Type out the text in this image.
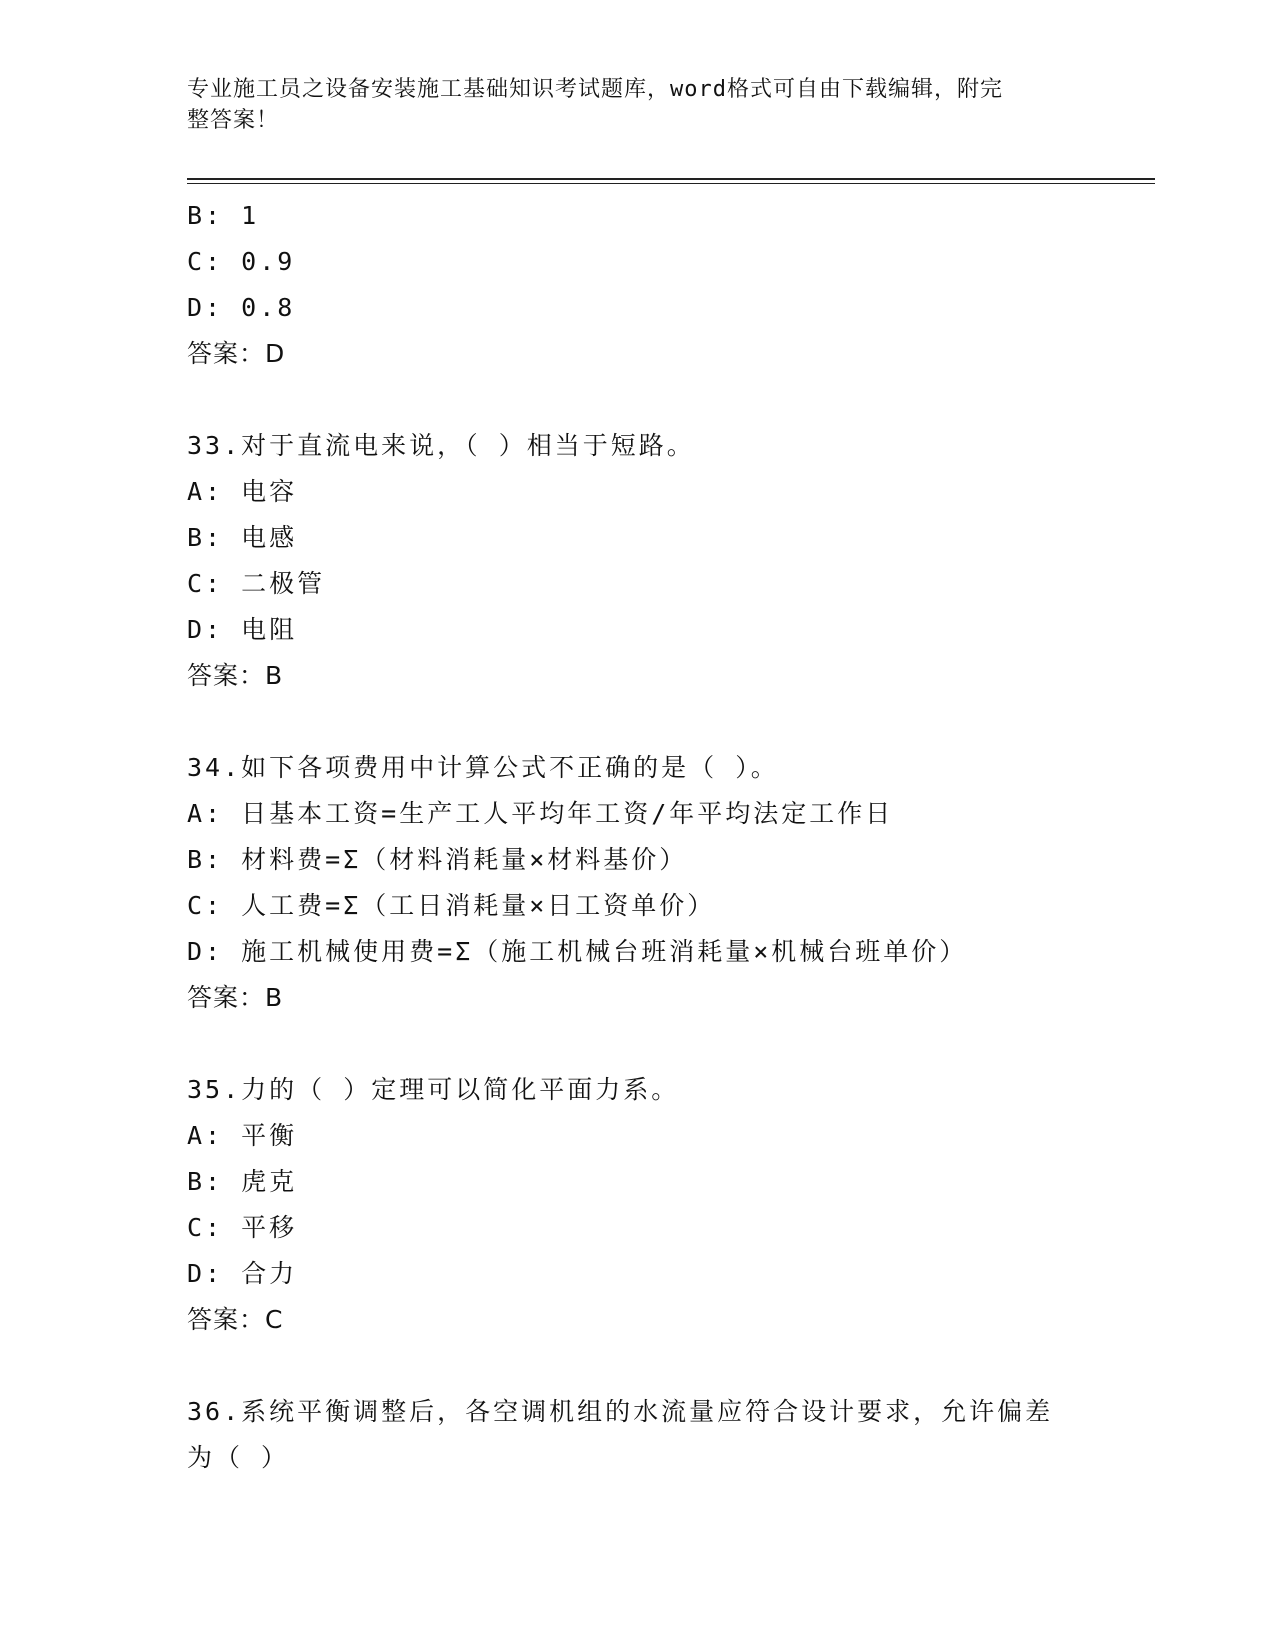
专业施工员之设备安装施工基础知识考试题库，word格式可自由下载编辑，附完
整答案！
B: 1
C: 0.9
D: 0.8
答案：D
33.对于直流电来说，（ ）相当于短路。
A: 电容
B: 电感
C: 二极管
D: 电阻
答案：B
34.如下各项费用中计算公式不正确的是（ ）。
A: 日基本工资=生产工人平均年工资/年平均法定工作日
B: 材料费=Σ（材料消耗量×材料基价）
C: 人工费=Σ（工日消耗量×日工资单价）
D: 施工机械使用费=Σ（施工机械台班消耗量×机械台班单价）
答案：B
35.力的（ ）定理可以简化平面力系。
A: 平衡
B: 虎克
C: 平移
D: 合力
答案：C
36.系统平衡调整后，各空调机组的水流量应符合设计要求，允许偏差
为（ ）
